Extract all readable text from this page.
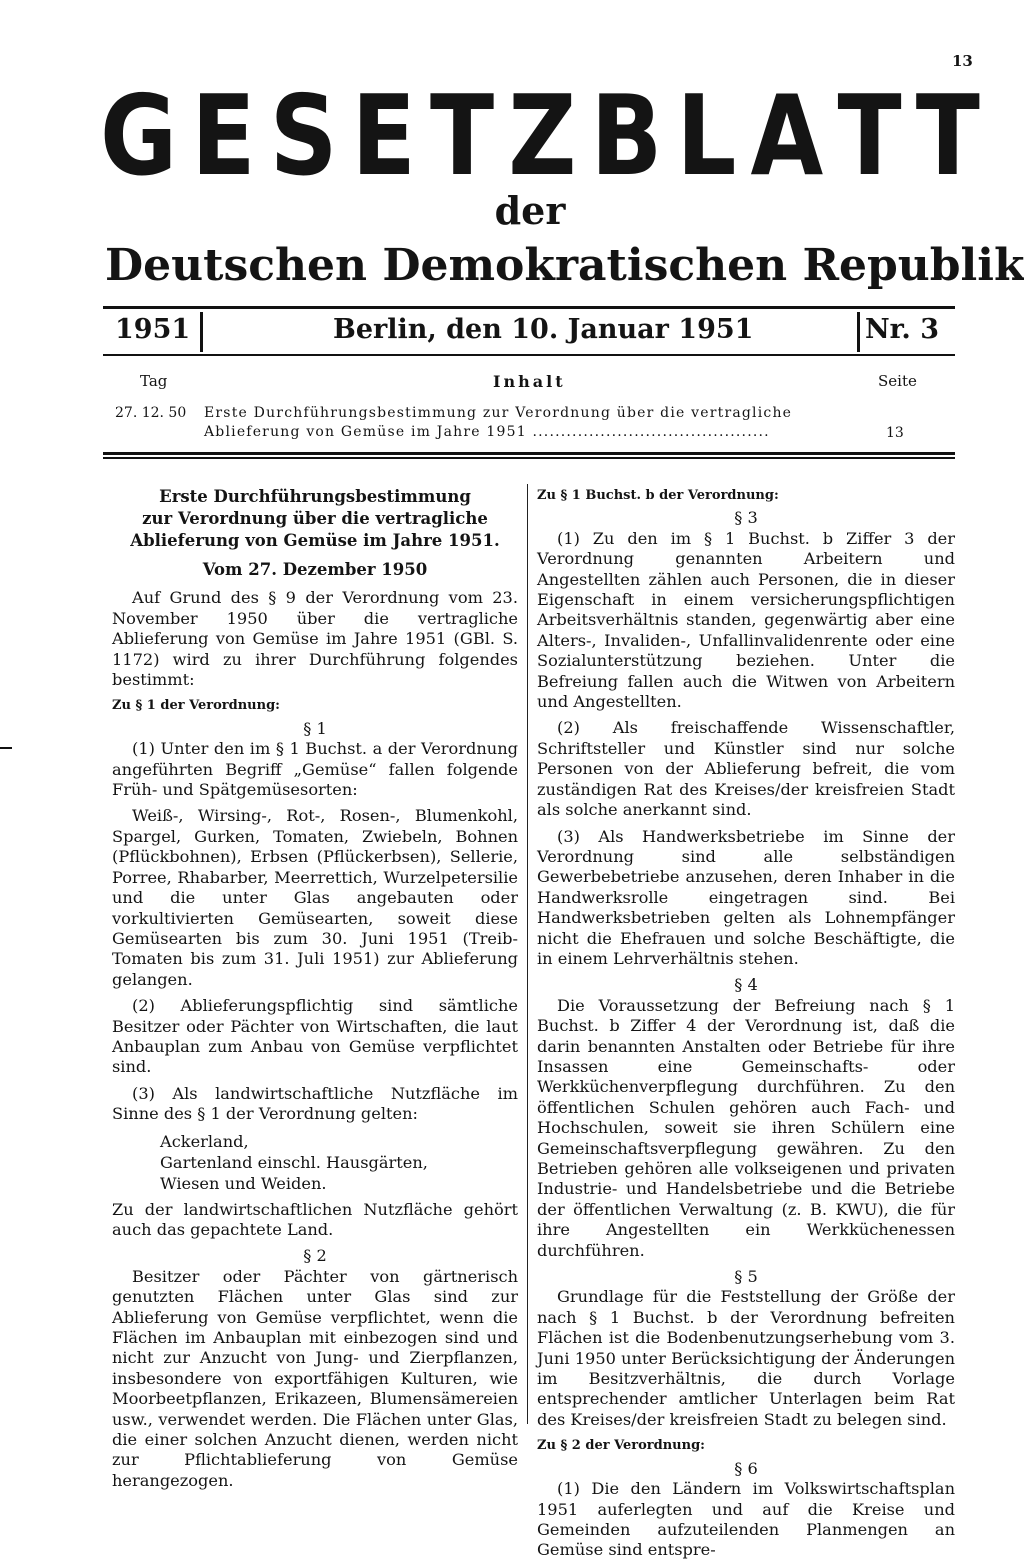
13
G E S E T Z B L A T T
der
Deutschen Demokratischen Republik
1951	Berlin, den 10. Januar 1951	Nr. 3
Tag	Inhalt	Seite
27. 12. 50 Erste Durchführungsbestimmung zur Verordnung über die vertragliche
Ablieferung von Gemüse im Jahre 1951 ..........................................	13
Erste Durchführungsbestimmung
zur Verordnung über die vertragliche
Ablieferung von Gemüse im Jahre 1951.
Vom 27. Dezember 1950

Auf Grund des § 9 der Verordnung vom 23. November 1950 über die vertragliche Ablieferung von Gemüse im Jahre 1951 (GBl. S. 1172) wird zu ihrer Durchführung folgendes bestimmt:

Zu § 1 der Verordnung:
§ 1

(1) Unter den im § 1 Buchst. a der Verordnung angeführten Begriff „Gemüse“ fallen folgende Früh- und Spätgemüsesorten:

Weiß-, Wirsing-, Rot-, Rosen-, Blumenkohl, Spargel, Gurken, Tomaten, Zwiebeln, Bohnen (Pflückbohnen), Erbsen (Pflückerbsen), Sellerie, Porree, Rhabarber, Meerrettich, Wurzelpetersilie und die unter Glas angebauten oder vorkultivierten Gemüsearten, soweit diese Gemüsearten bis zum 30. Juni 1951 (Treib-Tomaten bis zum 31. Juli 1951) zur Ablieferung gelangen.

(2) Ablieferungspflichtig sind sämtliche Besitzer oder Pächter von Wirtschaften, die laut Anbauplan zum Anbau von Gemüse verpflichtet sind.

(3) Als landwirtschaftliche Nutzfläche im Sinne des § 1 der Verordnung gelten:

Ackerland,
Gartenland einschl. Hausgärten,
Wiesen und Weiden.

Zu der landwirtschaftlichen Nutzfläche gehört auch das gepachtete Land.

§ 2

Besitzer oder Pächter von gärtnerisch genutzten Flächen unter Glas sind zur Ablieferung von Gemüse verpflichtet, wenn die Flächen im Anbauplan mit einbezogen sind und nicht zur Anzucht von Jung- und Zierpflanzen, insbesondere von exportfähigen Kulturen, wie Moorbeetpflanzen, Erikazeen, Blumensämereien usw., verwendet werden. Die Flächen unter Glas, die einer solchen Anzucht dienen, werden nicht zur Pflichtablieferung von Gemüse herangezogen.

Zu § 1 Buchst. b der Verordnung:
§ 3

(1) Zu den im § 1 Buchst. b Ziffer 3 der Verordnung genannten Arbeitern und Angestellten zählen auch Personen, die in dieser Eigenschaft in einem versicherungspflichtigen Arbeitsverhältnis standen, gegenwärtig aber eine Alters-, Invaliden-, Unfallinvalidenrente oder eine Sozialunterstützung beziehen. Unter die Befreiung fallen auch die Witwen von Arbeitern und Angestellten.

(2) Als freischaffende Wissenschaftler, Schriftsteller und Künstler sind nur solche Personen von der Ablieferung befreit, die vom zuständigen Rat des Kreises/der kreisfreien Stadt als solche anerkannt sind.

(3) Als Handwerksbetriebe im Sinne der Verordnung sind alle selbständigen Gewerbebetriebe anzusehen, deren Inhaber in die Handwerksrolle eingetragen sind. Bei Handwerksbetrieben gelten als Lohnempfänger nicht die Ehefrauen und solche Beschäftigte, die in einem Lehrverhältnis stehen.

§ 4

Die Voraussetzung der Befreiung nach § 1 Buchst. b Ziffer 4 der Verordnung ist, daß die darin benannten Anstalten oder Betriebe für ihre Insassen eine Gemeinschafts- oder Werkküchenverpflegung durchführen. Zu den öffentlichen Schulen gehören auch Fach- und Hochschulen, soweit sie ihren Schülern eine Gemeinschaftsverpflegung gewähren. Zu den Betrieben gehören alle volkseigenen und privaten Industrie- und Handelsbetriebe und die Betriebe der öffentlichen Verwaltung (z. B. KWU), die für ihre Angestellten ein Werkküchenessen durchführen.

§ 5

Grundlage für die Feststellung der Größe der nach § 1 Buchst. b der Verordnung befreiten Flächen ist die Bodenbenutzungserhebung vom 3. Juni 1950 unter Berücksichtigung der Änderungen im Besitzverhältnis, die durch Vorlage entsprechender amtlicher Unterlagen beim Rat des Kreises/der kreisfreien Stadt zu belegen sind.

Zu § 2 der Verordnung:
§ 6

(1) Die den Ländern im Volkswirtschaftsplan 1951 auferlegten und auf die Kreise und Gemeinden aufzuteilenden Planmengen an Gemüse sind entspre-
